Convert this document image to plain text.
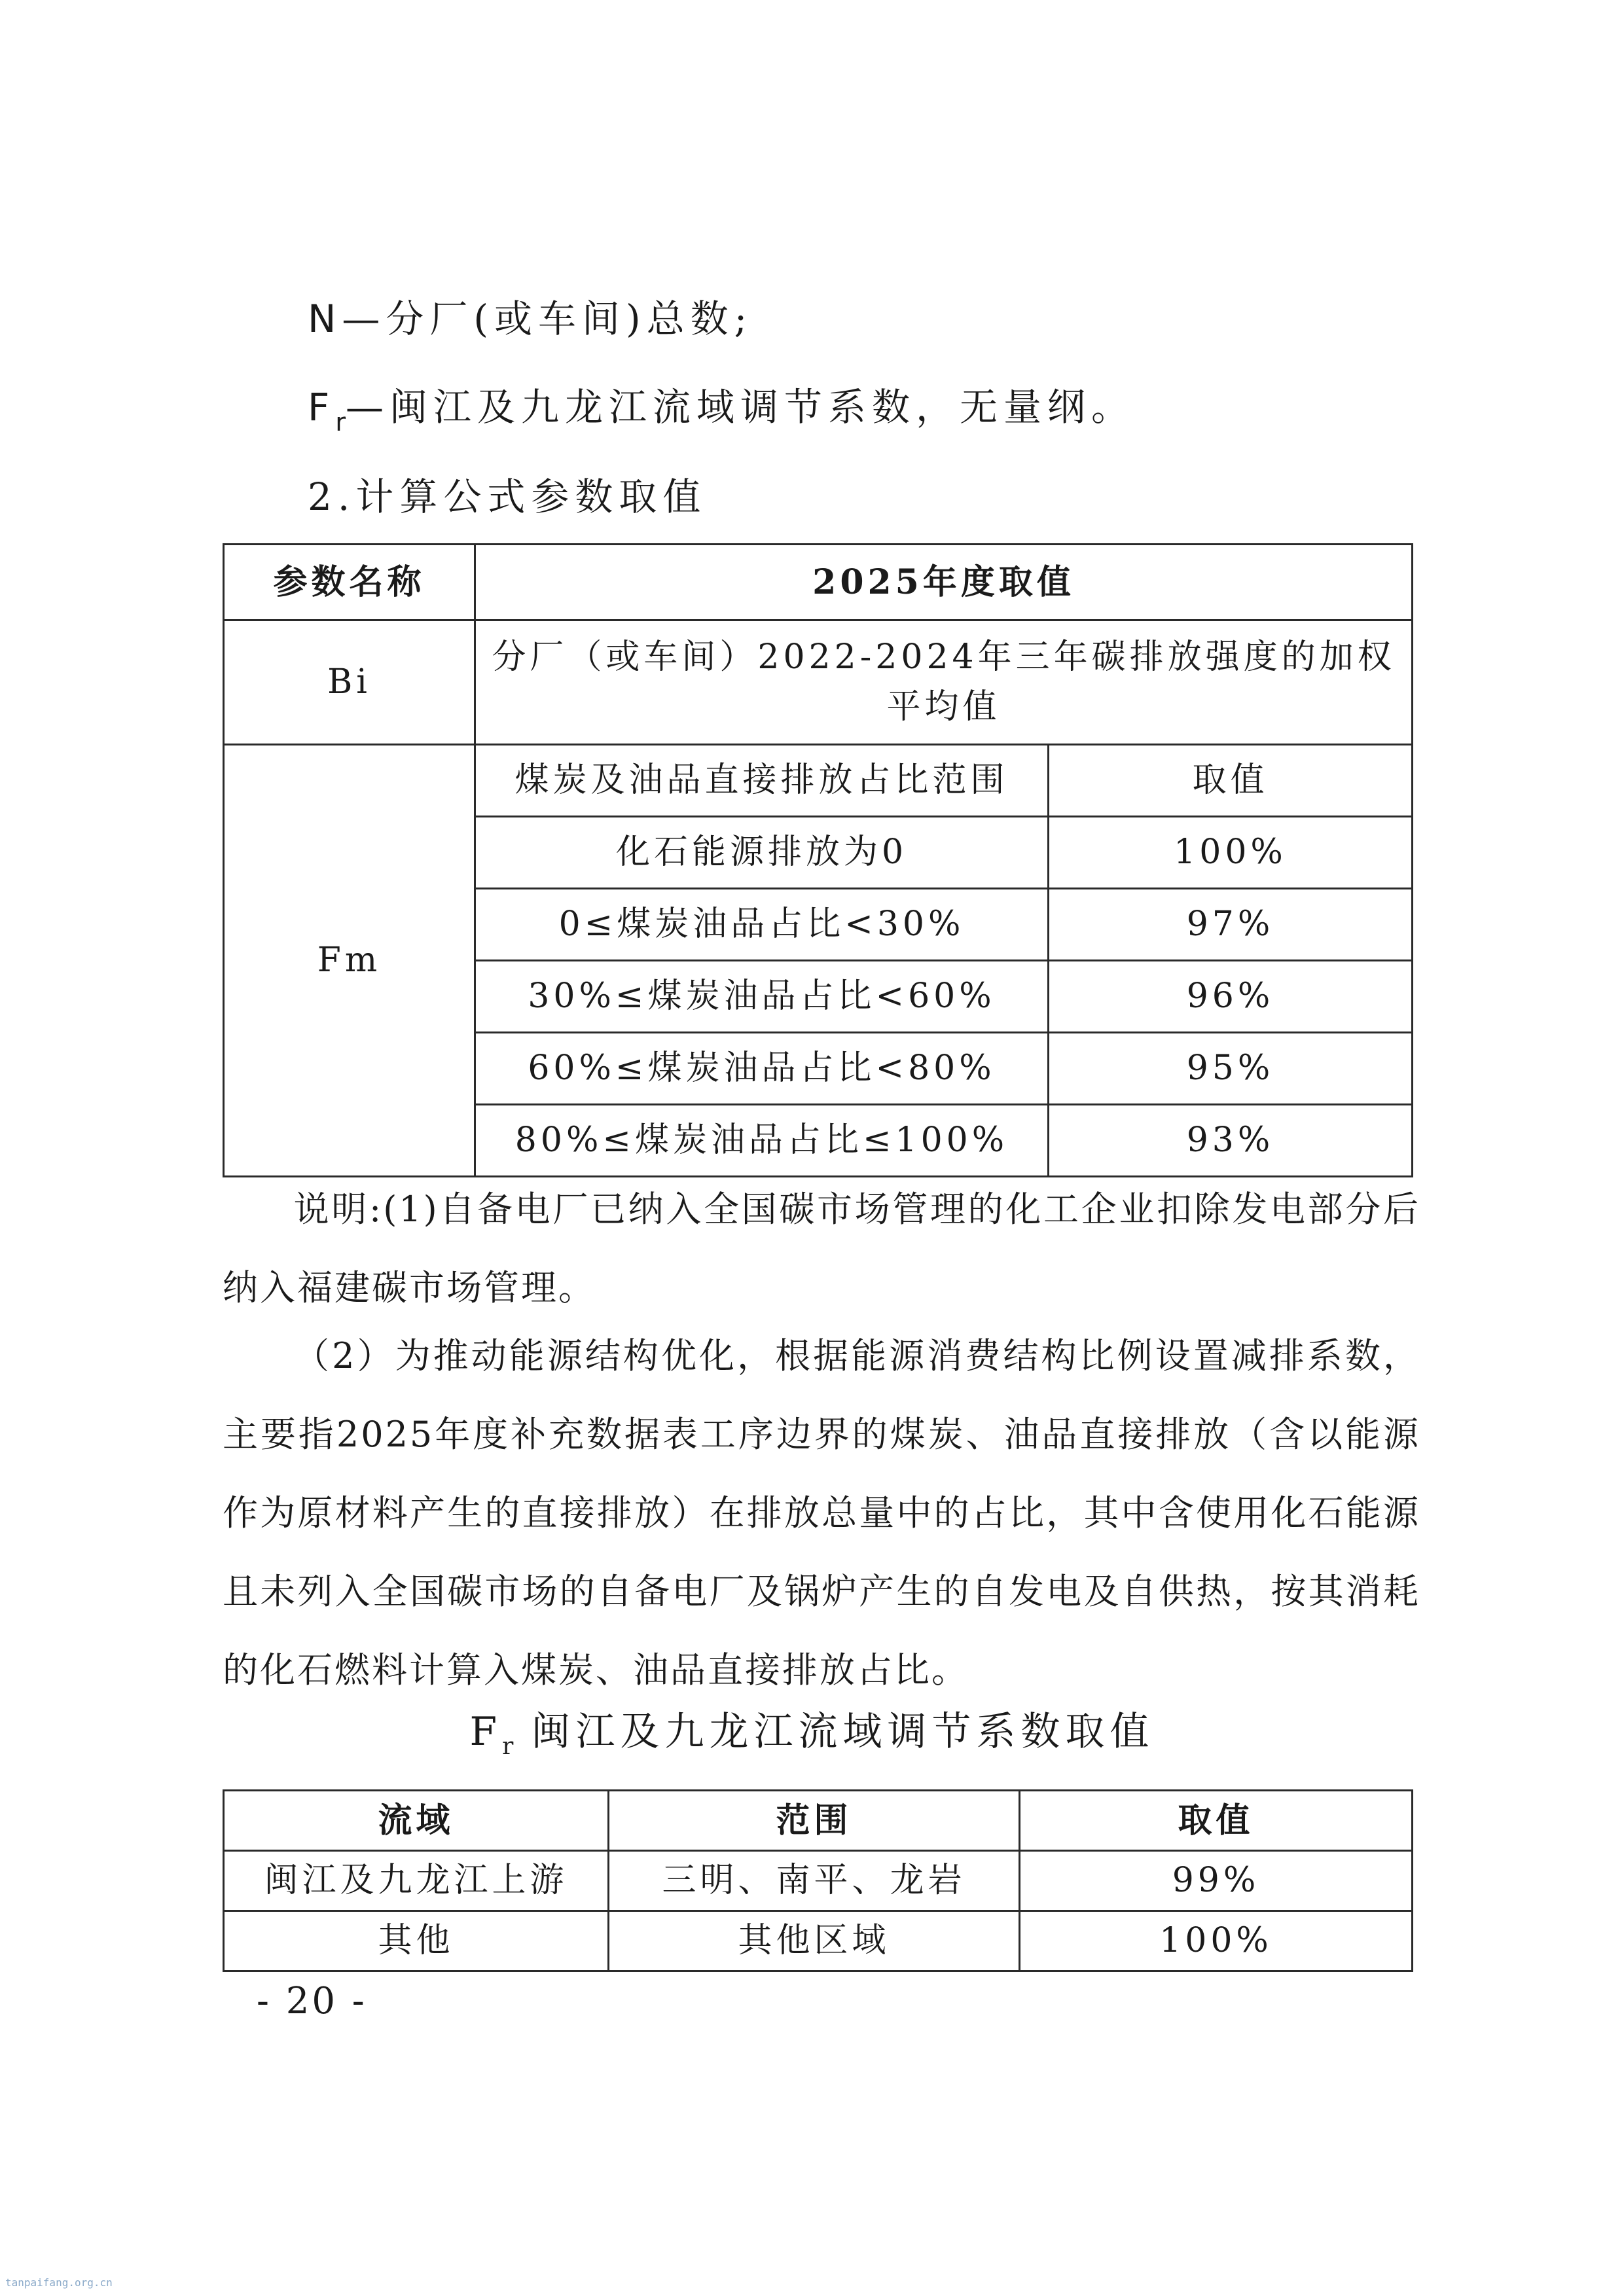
N—分厂(或车间)总数;
$F_r—$闽江及九龙江流域调节系数，无量纲。
2.计算公式参数取值
参数名称	2025年度取值	
Bi	分厂（或车间）2022-2024年三年碳排放强度的加权平均值	
Fm	煤炭及油品直接排放占比范围	取值
	化石能源排放为0	100%
	0≤煤炭油品占比<30%	97%
	30%≤煤炭油品占比<60%	96%
	60%≤煤炭油品占比<80%	95%
	80%≤煤炭油品占比≤100%	93%
说明:(1)自备电厂已纳入全国碳市场管理的化工企业扣除发电部分后纳入福建碳市场管理。
（2）为推动能源结构优化，根据能源消费结构比例设置减排系数，主要指2025年度补充数据表工序边界的煤炭、油品直接排放（含以能源作为原材料产生的直接排放）在排放总量中的占比，其中含使用化石能源且未列入全国碳市场的自备电厂及锅炉产生的自发电及自供热，按其消耗的化石燃料计算入煤炭、油品直接排放占比。
$F_r$ 闽江及九龙江流域调节系数取值
流域	范围	取值
闽江及九龙江上游	三明、南平、龙岩	99%
其他	其他区域	100%
- 20 -
tanpaifang.org.cn
